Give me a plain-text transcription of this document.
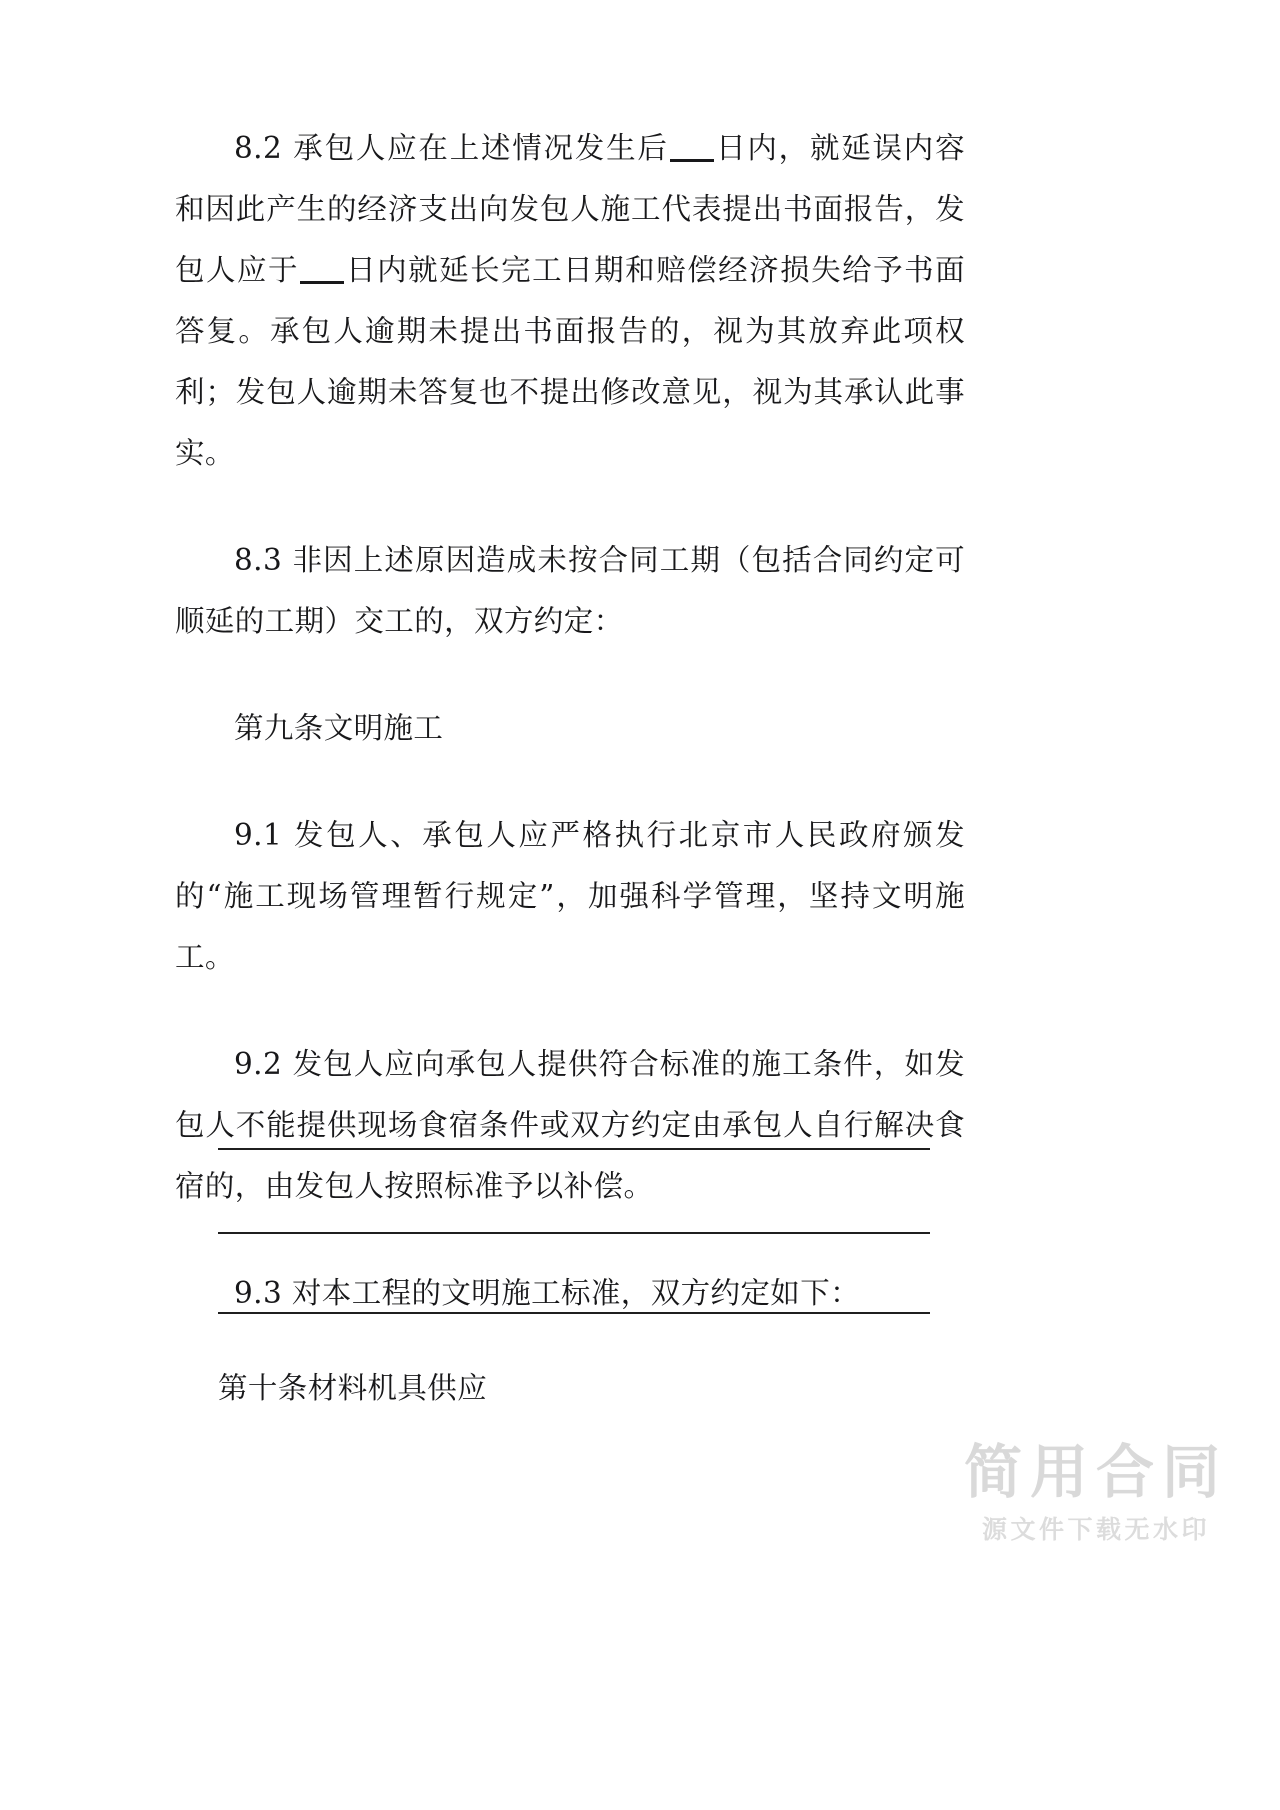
8.2 承包人应在上述情况发生后 日内，就延误内容和因此产生的经济支出向发包人施工代表提出书面报告，发包人应于 日内就延长完工日期和赔偿经济损失给予书面答复。承包人逾期未提出书面报告的，视为其放弃此项权利；发包人逾期未答复也不提出修改意见，视为其承认此事实。

8.3 非因上述原因造成未按合同工期（包括合同约定可顺延的工期）交工的，双方约定：

第九条文明施工

9.1 发包人、承包人应严格执行北京市人民政府颁发的“施工现场管理暂行规定”，加强科学管理，坚持文明施工。

9.2 发包人应向承包人提供符合标准的施工条件，如发包人不能提供现场食宿条件或双方约定由承包人自行解决食宿的，由发包人按照标准予以补偿。

9.3 对本工程的文明施工标准，双方约定如下：

第十条材料机具供应
简用合同
源文件下载无水印
